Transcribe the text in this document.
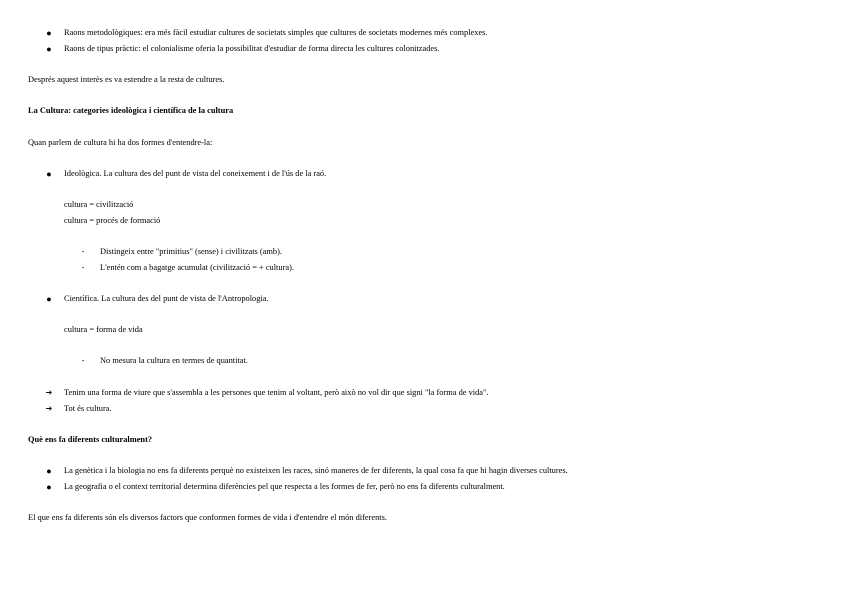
● Raons metodològiques: era més fàcil estudiar cultures de societats simples que cultures de societats modernes més complexes.
● Raons de tipus pràctic: el colonialisme oferia la possibilitat d'estudiar de forma directa les cultures colonitzades.
Després aquest interès es va estendre a la resta de cultures.
La Cultura: categories ideològica i científica de la cultura
Quan parlem de cultura hi ha dos formes d'entendre-la:
● Ideològica. La cultura des del punt de vista del coneixement i de l'ús de la raó.
cultura = civilització
cultura = procés de formació
-	Distingeix entre "primitius" (sense) i civilitzats (amb).
-	L'entén com a bagatge acumulat (civilització = + cultura).
● Científica. La cultura des del punt de vista de l'Antropologia.
cultura = forma de vida
-	No mesura la cultura en termes de quantitat.
➔ Tenim una forma de viure que s'assembla a les persones que tenim al voltant, però això no vol dir que signi "la forma de vida".
➔ Tot és cultura.
Què ens fa diferents culturalment?
● La genètica i la biologia no ens fa diferents perquè no existeixen les races, sinó maneres de fer diferents, la qual cosa fa que hi hagin diverses cultures.
● La geografia o el context territorial determina diferències pel que respecta a les formes de fer, però no ens fa diferents culturalment.
El que ens fa diferents són els diversos factors que conformen formes de vida i d'entendre el món diferents.
